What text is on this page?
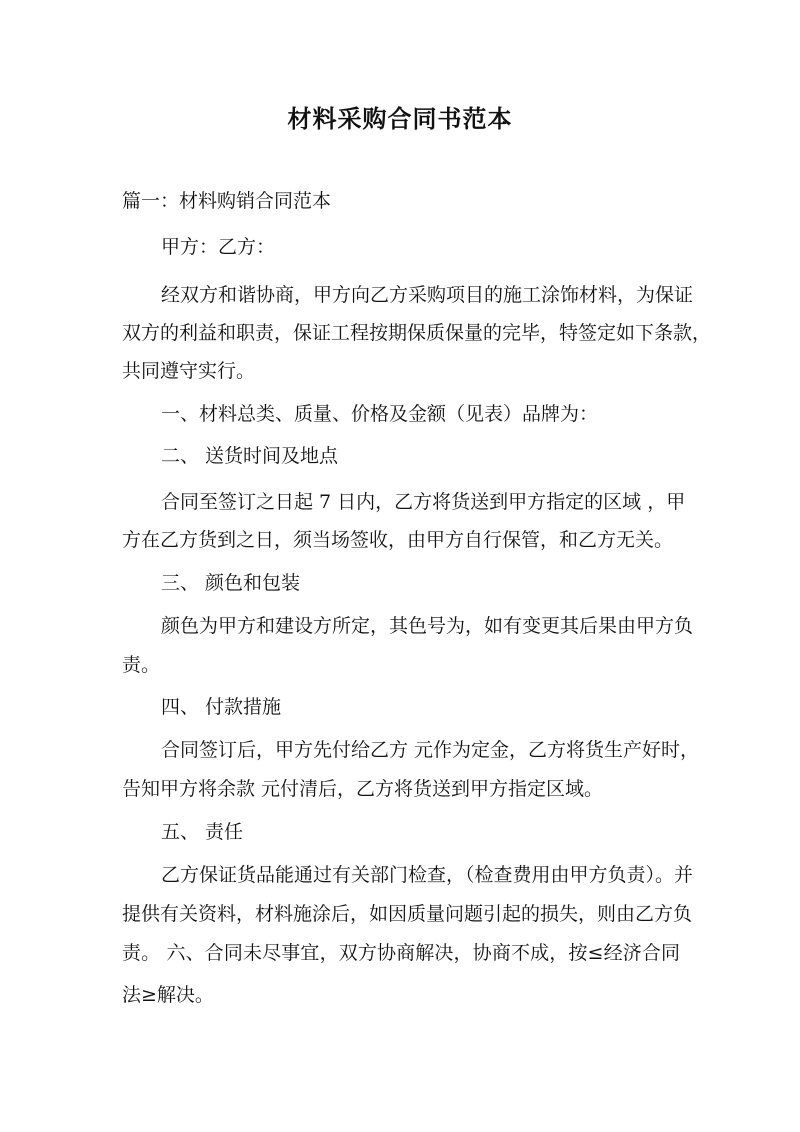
材料采购合同书范本

篇一：材料购销合同范本

甲方：乙方：

经双方和谐协商，甲方向乙方采购项目的施工涂饰材料，为保证

双方的利益和职责，保证工程按期保质保量的完毕，特签定如下条款，

共同遵守实行。

一、材料总类、质量、价格及金额（见表）品牌为：

二、 送货时间及地点

合同至签订之日起 7 日内，乙方将货送到甲方指定的区域 ，甲

方在乙方货到之日，须当场签收，由甲方自行保管，和乙方无关。

三、 颜色和包装

颜色为甲方和建设方所定，其色号为，如有变更其后果由甲方负

责。

四、 付款措施

合同签订后，甲方先付给乙方 元作为定金，乙方将货生产好时，

告知甲方将余款 元付清后，乙方将货送到甲方指定区域。

五、 责任

乙方保证货品能通过有关部门检查，（检查费用由甲方负责）。并

提供有关资料，材料施涂后，如因质量问题引起的损失，则由乙方负

责。 六、合同未尽事宜，双方协商解决，协商不成，按≤经济合同

法≥解决。
